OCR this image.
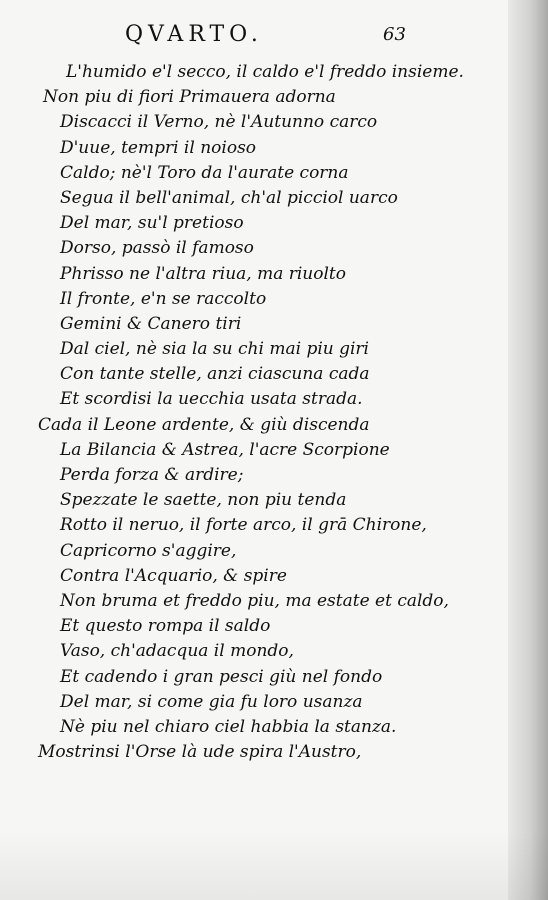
QVARTO.	63
L'humido e'l secco, il caldo e'l freddo insieme.
Non piu di fiori Primauera adorna
Discacci il Verno, nè l'Autunno carco
D'uue, tempri il noioso
Caldo; nè'l Toro da l'aurate corna
Segua il bell'animal, ch'al picciol uarco
Del mar, su'l pretioso
Dorso, passò il famoso
Phrisso ne l'altra riua, ma riuolto
Il fronte, e'n se raccolto
Gemini & Canero tiri
Dal ciel, nè sia la su chi mai piu giri
Con tante stelle, anzi ciascuna cada
Et scordisi la uecchia usata strada.
Cada il Leone ardente, & giù discenda
La Bilancia & Astrea, l'acre Scorpione
Perda forza & ardire;
Spezzate le saette, non piu tenda
Rotto il neruo, il forte arco, il grā Chirone,
Capricorno s'aggire,
Contra l'Acquario, & spire
Non bruma et freddo piu, ma estate et caldo,
Et questo rompa il saldo
Vaso, ch'adacqua il mondo,
Et cadendo i gran pesci giù nel fondo
Del mar, si come gia fu loro usanza
Nè piu nel chiaro ciel habbia la stanza.
Mostrinsi l'Orse là ude spira l'Austro,
